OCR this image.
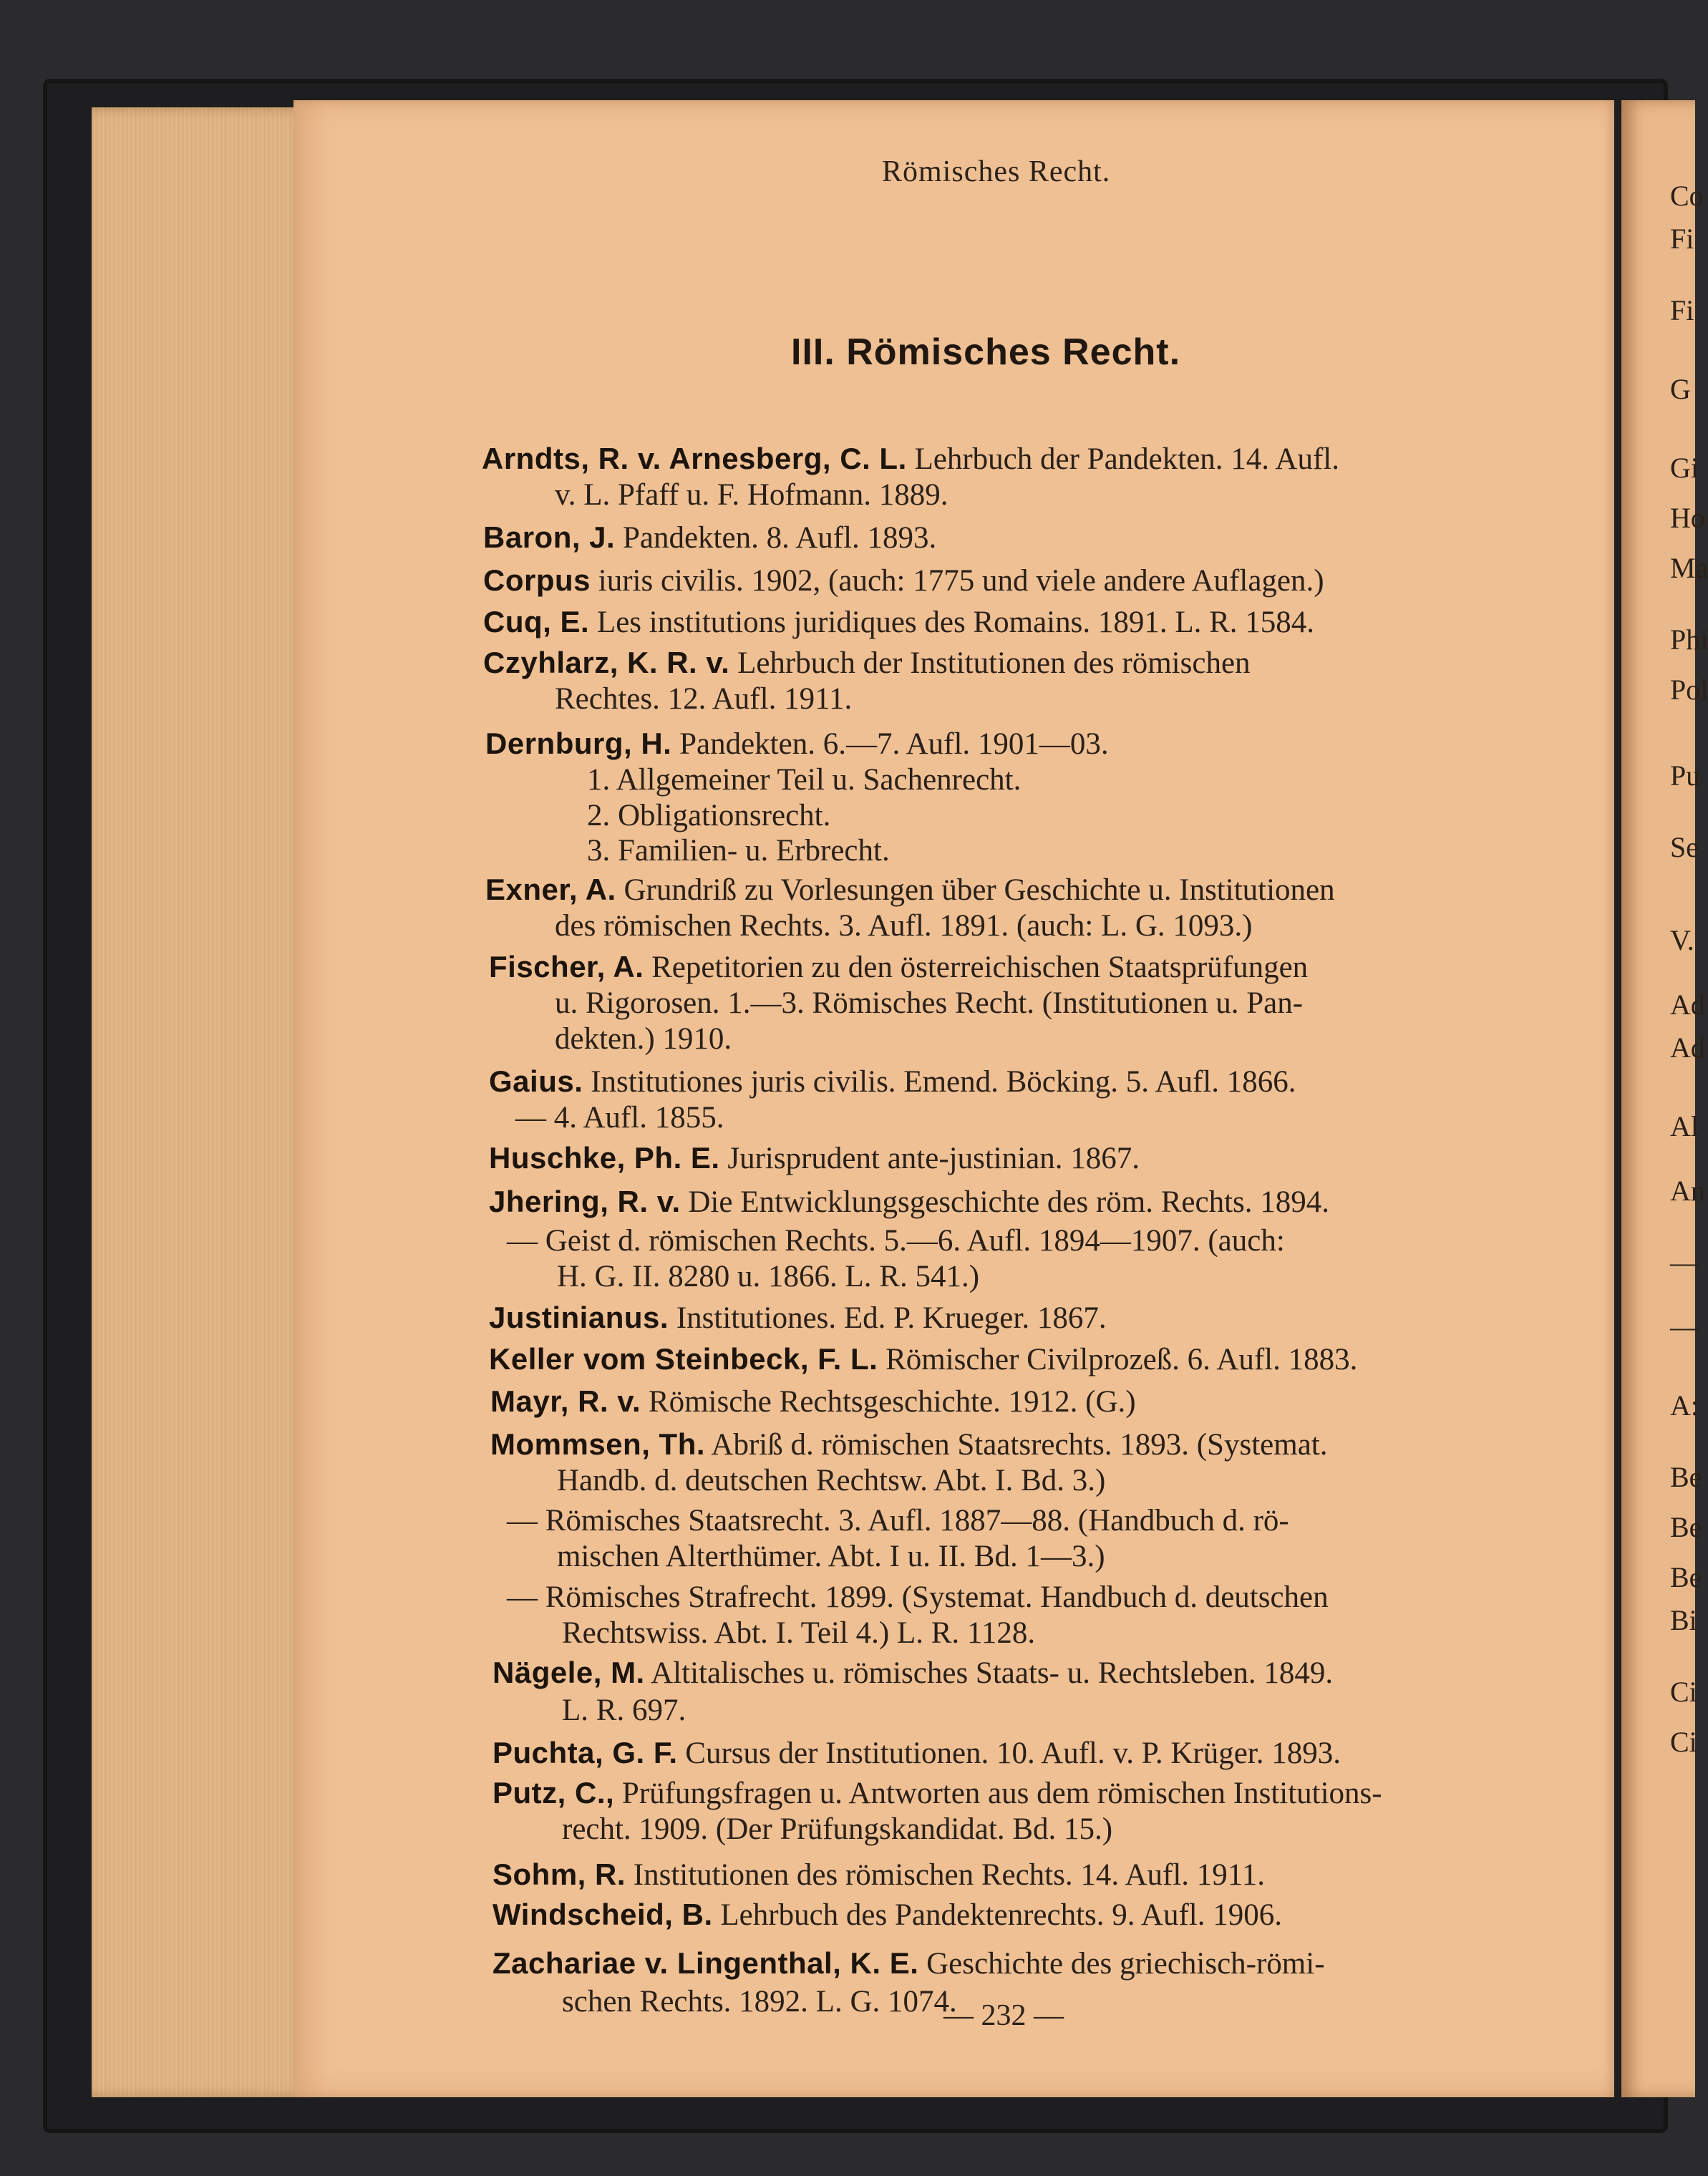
Co
Fi
Fi
G
Gi
Ho
Ma
Phi
Pol
Pu
Se
V.
Ad
Ad
Al
An
—
—
A:
Be
Be
Be
Bi
Ci
Ci
Römisches Recht.
III. Römisches Recht.
Arndts, R. v. Arnesberg, C. L. Lehrbuch der Pandekten. 14. Aufl.
v. L. Pfaff u. F. Hofmann. 1889.
Baron, J. Pandekten. 8. Aufl. 1893.
Corpus iuris civilis. 1902, (auch: 1775 und viele andere Auflagen.)
Cuq, E. Les institutions juridiques des Romains. 1891. L. R. 1584.
Czyhlarz, K. R. v. Lehrbuch der Institutionen des römischen
Rechtes. 12. Aufl. 1911.
Dernburg, H. Pandekten. 6.—7. Aufl. 1901—03.
1. Allgemeiner Teil u. Sachenrecht.
2. Obligationsrecht.
3. Familien- u. Erbrecht.
Exner, A. Grundriß zu Vorlesungen über Geschichte u. Institutionen
des römischen Rechts. 3. Aufl. 1891. (auch: L. G. 1093.)
Fischer, A. Repetitorien zu den österreichischen Staatsprüfungen
u. Rigorosen. 1.—3. Römisches Recht. (Institutionen u. Pan-
dekten.) 1910.
Gaius. Institutiones juris civilis. Emend. Böcking. 5. Aufl. 1866.
— 4. Aufl. 1855.
Huschke, Ph. E. Jurisprudent ante-justinian. 1867.
Jhering, R. v. Die Entwicklungsgeschichte des röm. Rechts. 1894.
— Geist d. römischen Rechts. 5.—6. Aufl. 1894—1907. (auch:
H. G. II. 8280 u. 1866. L. R. 541.)
Justinianus. Institutiones. Ed. P. Krueger. 1867.
Keller vom Steinbeck, F. L. Römischer Civilprozeß. 6. Aufl. 1883.
Mayr, R. v. Römische Rechtsgeschichte. 1912. (G.)
Mommsen, Th. Abriß d. römischen Staatsrechts. 1893. (Systemat.
Handb. d. deutschen Rechtsw. Abt. I. Bd. 3.)
— Römisches Staatsrecht. 3. Aufl. 1887—88. (Handbuch d. rö-
mischen Alterthümer. Abt. I u. II. Bd. 1—3.)
— Römisches Strafrecht. 1899. (Systemat. Handbuch d. deutschen
Rechtswiss. Abt. I. Teil 4.) L. R. 1128.
Nägele, M. Altitalisches u. römisches Staats- u. Rechtsleben. 1849.
L. R. 697.
Puchta, G. F. Cursus der Institutionen. 10. Aufl. v. P. Krüger. 1893.
Putz, C., Prüfungsfragen u. Antworten aus dem römischen Institutions-
recht. 1909. (Der Prüfungskandidat. Bd. 15.)
Sohm, R. Institutionen des römischen Rechts. 14. Aufl. 1911.
Windscheid, B. Lehrbuch des Pandektenrechts. 9. Aufl. 1906.
Zachariae v. Lingenthal, K. E. Geschichte des griechisch-römi-
schen Rechts. 1892. L. G. 1074.
— 232 —
